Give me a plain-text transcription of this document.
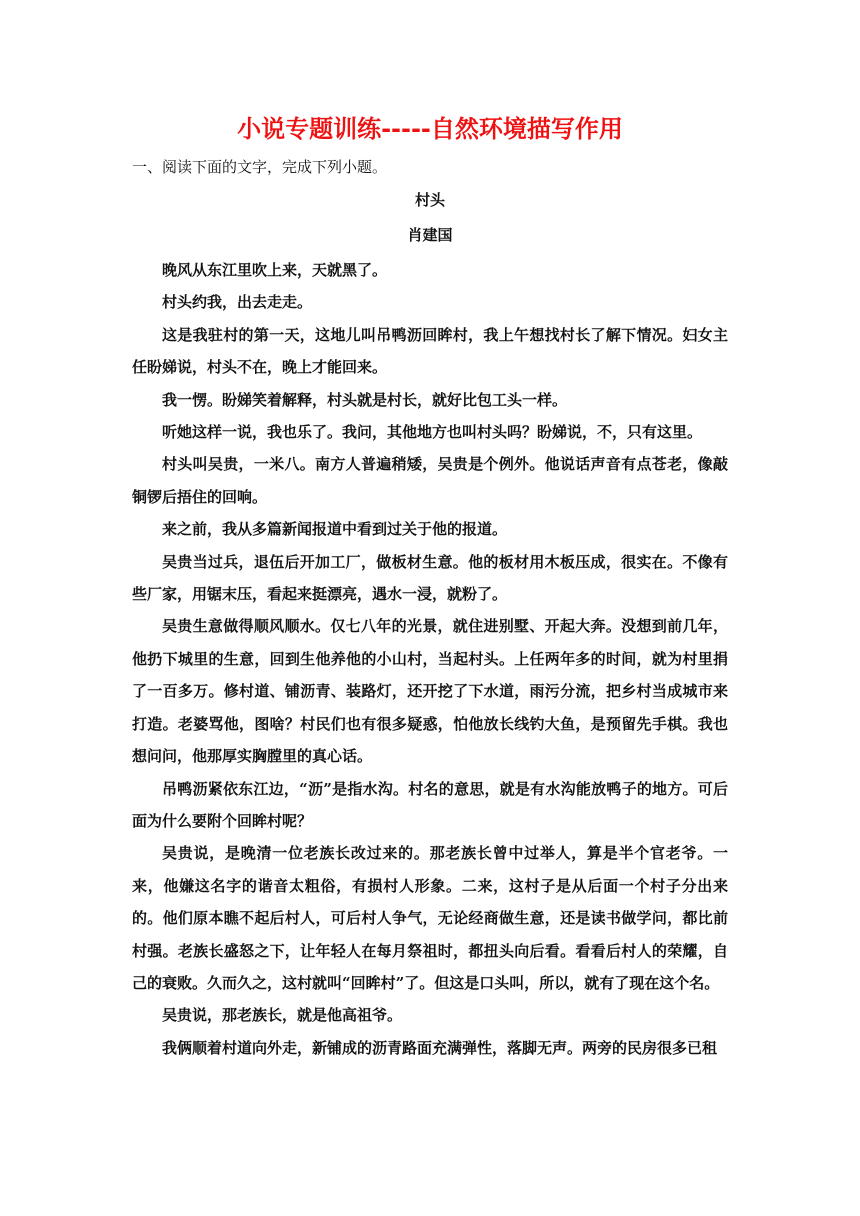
小说专题训练-----自然环境描写作用

一、阅读下面的文字，完成下列小题。

村头

肖建国

晚风从东江里吹上来，天就黑了。

村头约我，出去走走。

这是我驻村的第一天，这地儿叫吊鸭沥回眸村，我上午想找村长了解下情况。妇女主任盼娣说，村头不在，晚上才能回来。

我一愣。盼娣笑着解释，村头就是村长，就好比包工头一样。

听她这样一说，我也乐了。我问，其他地方也叫村头吗？盼娣说，不，只有这里。

村头叫吴贵，一米八。南方人普遍稍矮，吴贵是个例外。他说话声音有点苍老，像敲铜锣后捂住的回响。

来之前，我从多篇新闻报道中看到过关于他的报道。

吴贵当过兵，退伍后开加工厂，做板材生意。他的板材用木板压成，很实在。不像有些厂家，用锯末压，看起来挺漂亮，遇水一浸，就粉了。

吴贵生意做得顺风顺水。仅七八年的光景，就住进别墅、开起大奔。没想到前几年，他扔下城里的生意，回到生他养他的小山村，当起村头。上任两年多的时间，就为村里捐了一百多万。修村道、铺沥青、装路灯，还开挖了下水道，雨污分流，把乡村当成城市来打造。老婆骂他，图啥？村民们也有很多疑惑，怕他放长线钓大鱼，是预留先手棋。我也想问问，他那厚实胸膛里的真心话。

吊鸭沥紧依东江边，“沥”是指水沟。村名的意思，就是有水沟能放鸭子的地方。可后面为什么要附个回眸村呢？

吴贵说，是晚清一位老族长改过来的。那老族长曾中过举人，算是半个官老爷。一来，他嫌这名字的谐音太粗俗，有损村人形象。二来，这村子是从后面一个村子分出来的。他们原本瞧不起后村人，可后村人争气，无论经商做生意，还是读书做学问，都比前村强。老族长盛怒之下，让年轻人在每月祭祖时，都扭头向后看。看看后村人的荣耀，自己的衰败。久而久之，这村就叫“回眸村”了。但这是口头叫，所以，就有了现在这个名。

吴贵说，那老族长，就是他高祖爷。

我俩顺着村道向外走，新铺成的沥青路面充满弹性，落脚无声。两旁的民房很多已租
